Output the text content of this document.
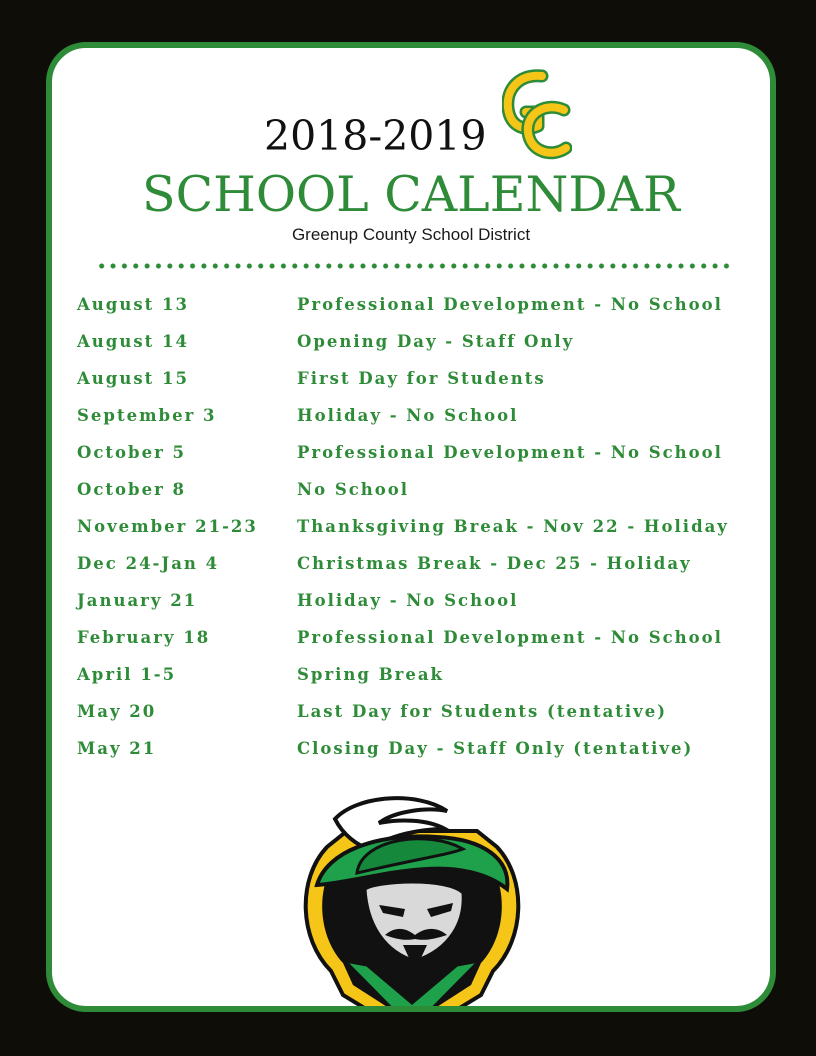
2018-2019
SCHOOL CALENDAR
Greenup County School District
August 13	Professional Development - No School
August 14	Opening Day - Staff Only
August 15	First Day for Students
September 3	Holiday - No School
October 5	Professional Development - No School
October 8	No School
November 21-23	Thanksgiving Break - Nov 22 - Holiday
Dec 24-Jan 4	Christmas Break - Dec 25 - Holiday
January 21	Holiday - No School
February 18	Professional Development - No School
April 1-5	Spring Break
May 20	Last Day for Students (tentative)
May 21	Closing Day - Staff Only (tentative)
